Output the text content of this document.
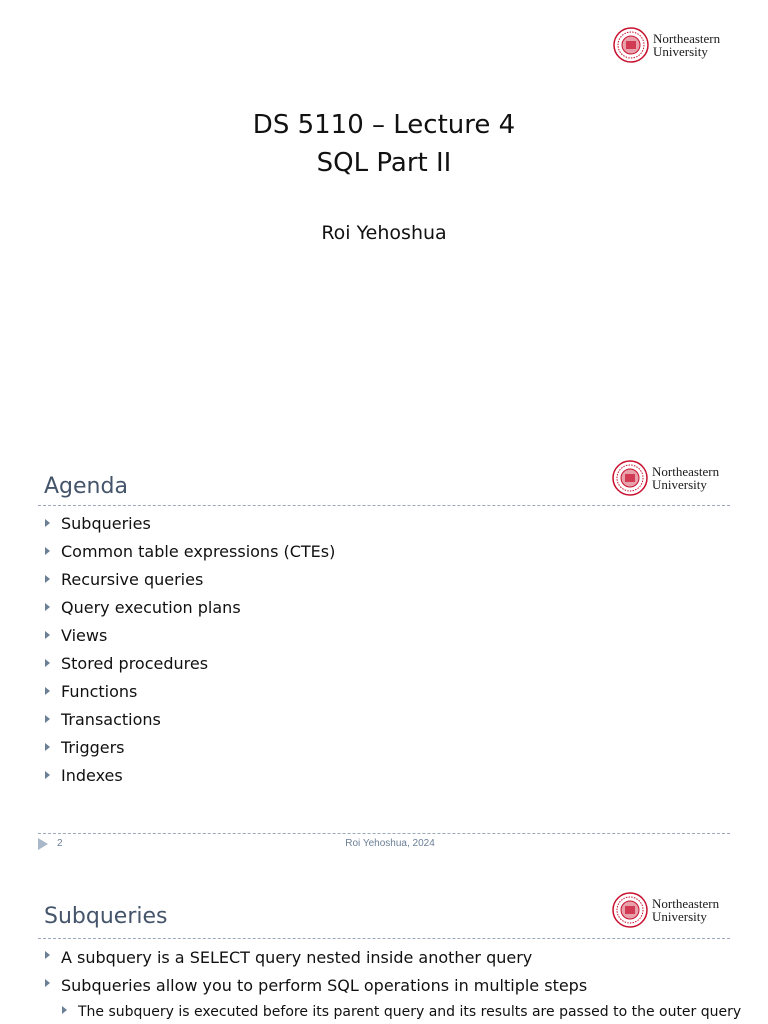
Northeastern
University
DS 5110 – Lecture 4
SQL Part II
Roi Yehoshua
Northeastern
University
Agenda
Subqueries
Common table expressions (CTEs)
Recursive queries
Query execution plans
Views
Stored procedures
Functions
Transactions
Triggers
Indexes
2	Roi Yehoshua, 2024
Northeastern
University
Subqueries
A subquery is a SELECT query nested inside another query
Subqueries allow you to perform SQL operations in multiple steps
The subquery is executed before its parent query and its results are passed to the outer query
